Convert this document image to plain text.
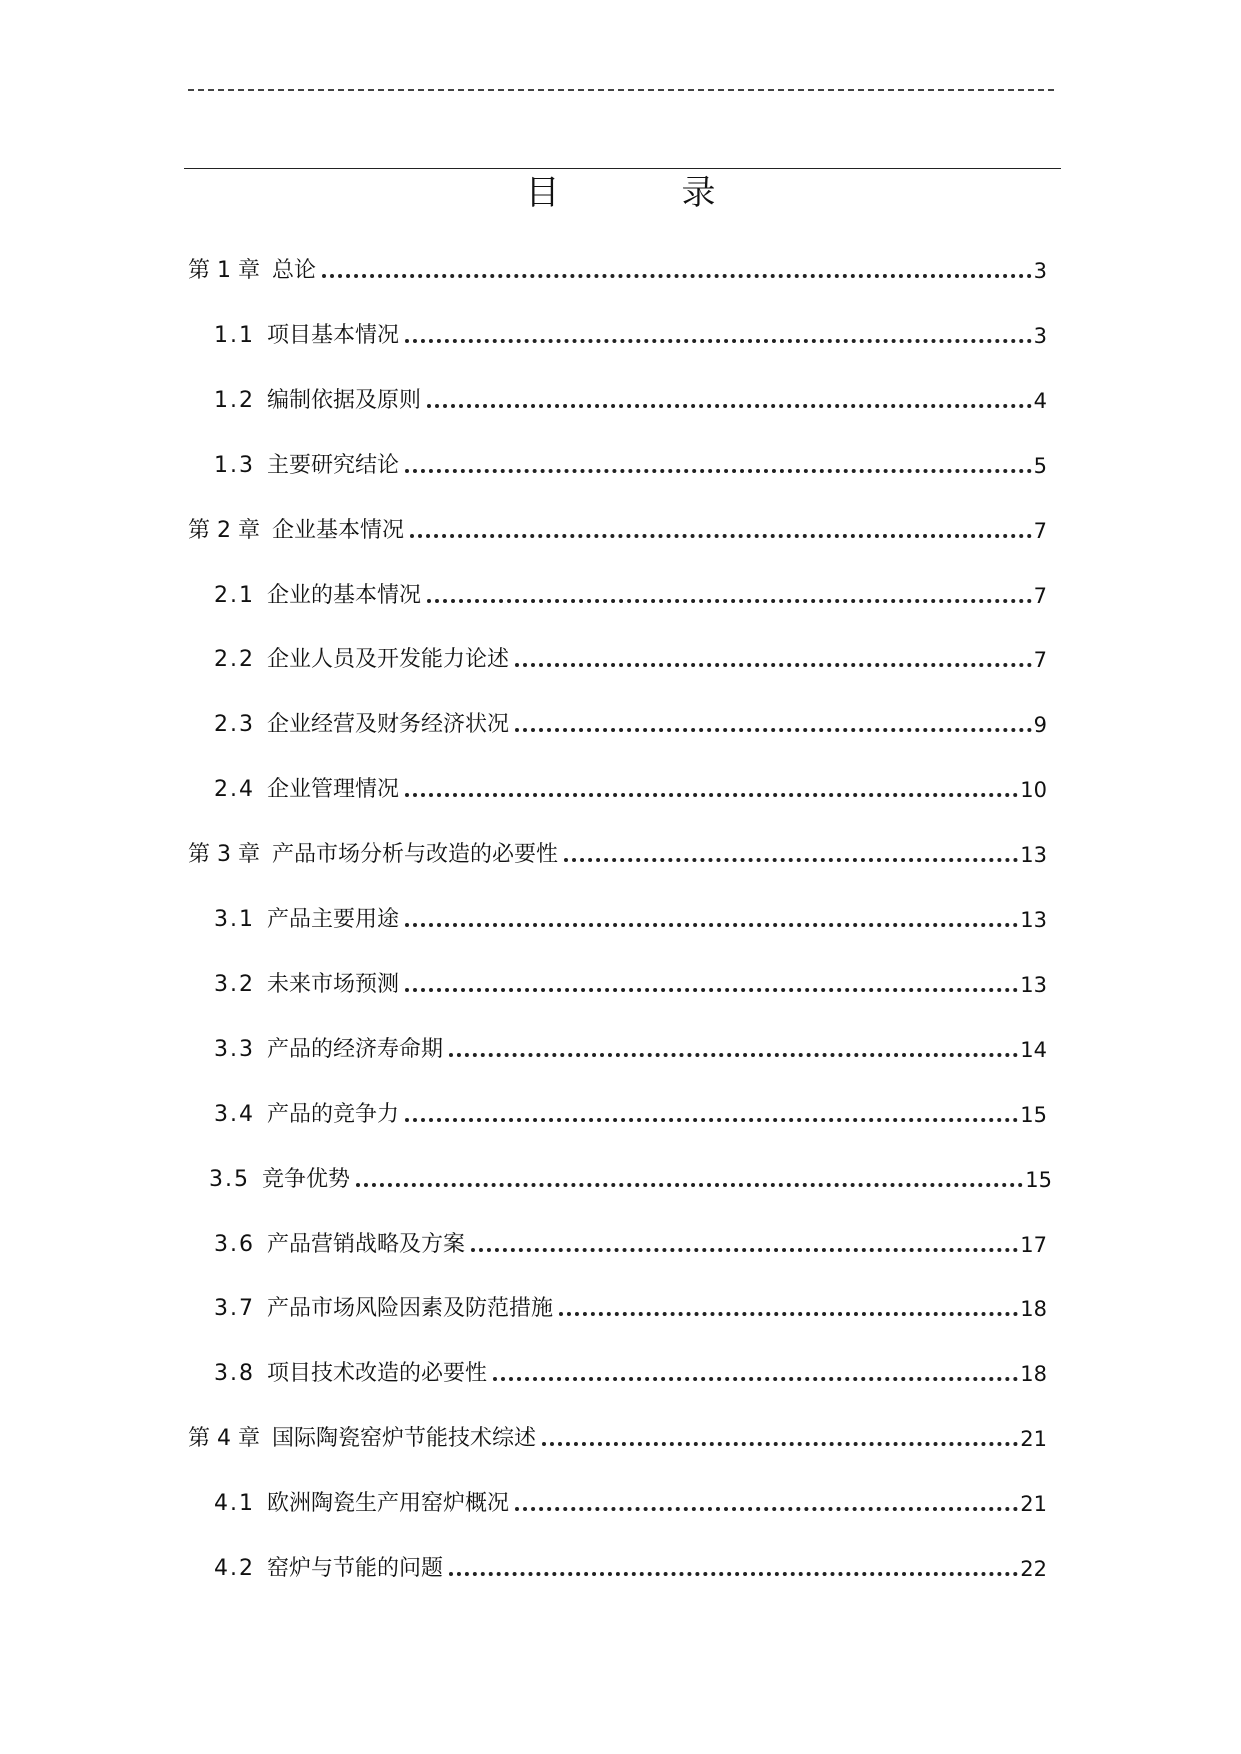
目　录
第 1 章 总论	3
1.1 项目基本情况	3
1.2 编制依据及原则	4
1.3 主要研究结论	5
第 2 章 企业基本情况	7
2.1 企业的基本情况	7
2.2 企业人员及开发能力论述	7
2.3 企业经营及财务经济状况	9
2.4 企业管理情况	10
第 3 章 产品市场分析与改造的必要性	13
3.1 产品主要用途	13
3.2 未来市场预测	13
3.3 产品的经济寿命期	14
3.4 产品的竞争力	15
3.5 竞争优势	15
3.6 产品营销战略及方案	17
3.7 产品市场风险因素及防范措施	18
3.8 项目技术改造的必要性	18
第 4 章 国际陶瓷窑炉节能技术综述	21
4.1 欧洲陶瓷生产用窑炉概况	21
4.2 窑炉与节能的问题	22
